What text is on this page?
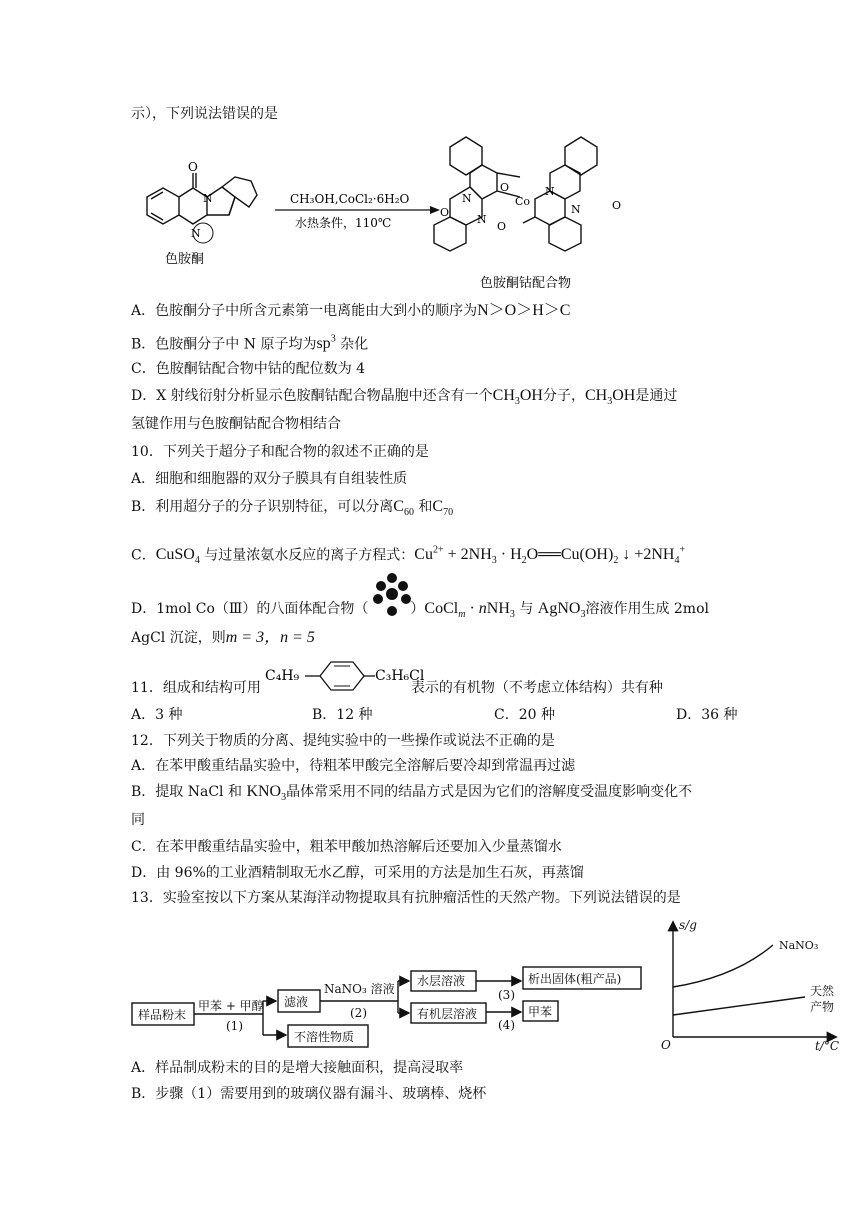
示），下列说法错误的是
O
N
N
色胺酮
CH₃OH,CoCl₂·6H₂O
水热条件，110℃
N
N
O
Co
N
N
O
O
O
色胺酮钴配合物
A．色胺酮分子中所含元素第一电离能由大到小的顺序为N＞O＞H＞C
B．色胺酮分子中 N 原子均为$sp^3$ 杂化
C．色胺酮钴配合物中钴的配位数为 4
D．X 射线衍射分析显示色胺酮钴配合物晶胞中还含有一个$CH_3OH$分子，$CH_3OH$是通过
氢键作用与色胺酮钴配合物相结合
10．下列关于超分子和配合物的叙述不正确的是
A．细胞和细胞器的双分子膜具有自组装性质
B．利用超分子的分子识别特征，可以分离$C_{60}$ 和$C_{70}$
C．CuSO$_4$ 与过量浓氨水反应的离子方程式：$Cu^{2+} + 2NH_3$ · $H_2O══Cu(OH)_2$ ↓ $+2NH_4^+$
D．1mol Co（Ⅲ）的八面体配合物（	）CoCl$_m$ · nNH$_3$ 与 AgNO$_3$溶液作用生成 2mol
AgCl 沉淀，则m = 3，n = 5
C₄H₉	C₃H₆Cl
11．组成和结构可用	表示的有机物（不考虑立体结构）共有种
A．3 种	B．12 种	C．20 种	D．36 种
12．下列关于物质的分离、提纯实验中的一些操作或说法不正确的是
A．在苯甲酸重结晶实验中，待粗苯甲酸完全溶解后要冷却到常温再过滤
B．提取 NaCl 和 $KNO_3$晶体常采用不同的结晶方式是因为它们的溶解度受温度影响变化不
同
C．在苯甲酸重结晶实验中，粗苯甲酸加热溶解后还要加入少量蒸馏水
D．由 96%的工业酒精制取无水乙醇，可采用的方法是加生石灰，再蒸馏
13．实验室按以下方案从某海洋动物提取具有抗肿瘤活性的天然产物。下列说法错误的是
样品粉末
甲苯 + 甲醇
(1)
滤液
不溶性物质
NaNO₃ 溶液
(2)
水层溶液
有机层溶液
(3)
(4)
析出固体(粗产品)
甲苯
s/g
t/°C
O
NaNO₃
天然
产物
A．样品制成粉末的目的是增大接触面积，提高浸取率
B．步骤（1）需要用到的玻璃仪器有漏斗、玻璃棒、烧杯
